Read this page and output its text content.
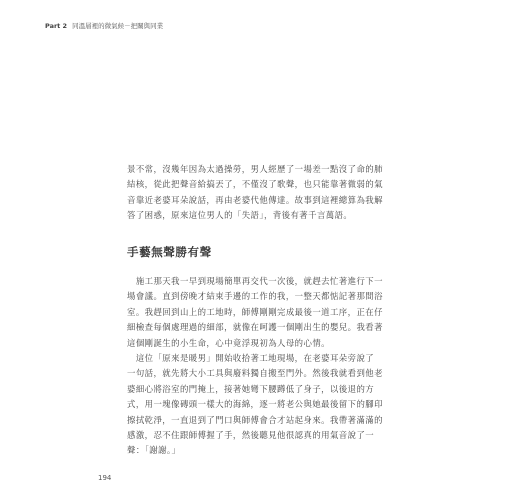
Part 2 同溫層裡的微氣候－把關與同業
景不常，沒幾年因為太過操勞，男人經歷了一場差一點沒了命的肺
結核，從此把聲音給搞丟了，不僅沒了歌聲，也只能靠著微弱的氣
音靠近老婆耳朵說話，再由老婆代他傳達。故事到這裡總算為我解
答了困惑，原來這位男人的「失語」，背後有著千言萬語。
手藝無聲勝有聲
　施工那天我一早到現場簡單再交代一次後，就趕去忙著進行下一
場會議。直到傍晚才結束手邊的工作的我，一整天都惦記著那間浴
室。我趕回到山上的工地時，師傅剛剛完成最後一道工序，正在仔
細檢查每個處理過的細部，就像在呵護一個剛出生的嬰兒。我看著
這個剛誕生的小生命，心中竟浮現初為人母的心情。
　這位「原來是暖男」開始收拾著工地現場，在老婆耳朵旁說了
一句話，就先將大小工具與廢料獨自搬至門外。然後我就看到他老
婆細心將浴室的門掩上，接著她彎下腰蹲低了身子，以後退的方
式，用一塊像磚頭一樣大的海綿，逐一將老公與她最後留下的腳印
擦拭乾淨，一直退到了門口與師傅會合才站起身來。我帶著滿滿的
感激，忍不住跟師傅握了手，然後聽見他很認真的用氣音說了一
聲：「謝謝。」
194
